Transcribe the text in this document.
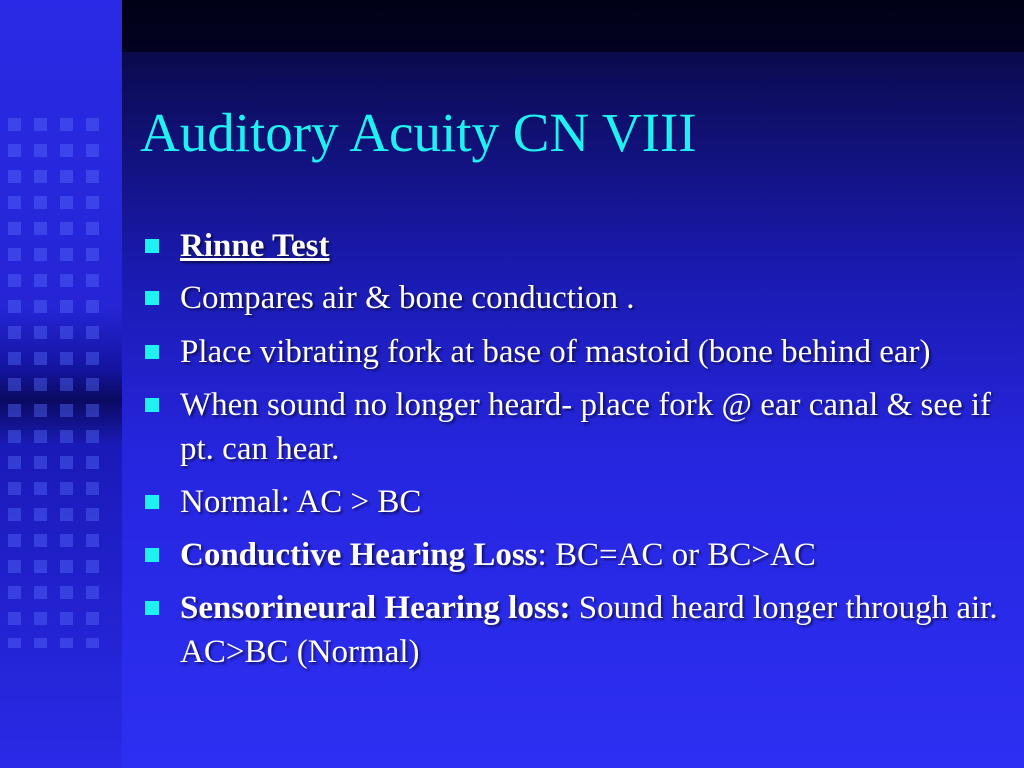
Auditory Acuity CN VIII
Rinne Test
Compares air & bone conduction .
Place vibrating fork at base of mastoid (bone behind ear)
When sound no longer heard- place fork @ ear canal & see if pt. can hear.
Normal: AC > BC
Conductive Hearing Loss: BC=AC or BC>AC
Sensorineural Hearing loss: Sound heard longer through air.  AC>BC (Normal)
